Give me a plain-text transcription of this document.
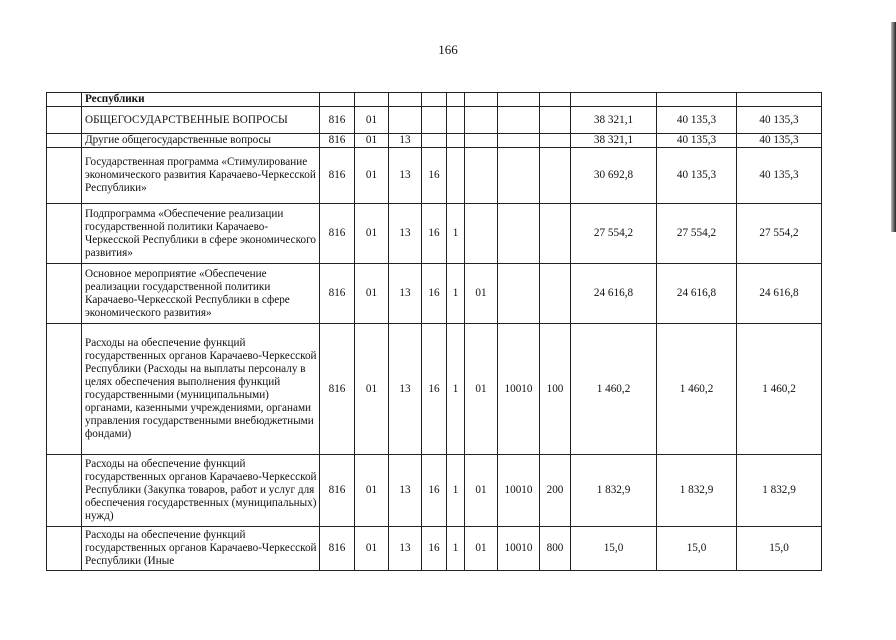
166
	Республики											
	ОБЩЕГОСУДАРСТВЕННЫЕ ВОПРОСЫ	816	01							38 321,1	40 135,3	40 135,3
	Другие общегосударственные вопросы	816	01	13						38 321,1	40 135,3	40 135,3
	Государственная программа «Стимулирование экономического развития Карачаево-Черкесской Республики»	816	01	13	16					30 692,8	40 135,3	40 135,3
	Подпрограмма «Обеспечение реализации государственной политики Карачаево-Черкесской Республики в сфере экономического развития»	816	01	13	16	1				27 554,2	27 554,2	27 554,2
	Основное мероприятие «Обеспечение реализации государственной политики Карачаево-Черкесской Республики в сфере экономического развития»	816	01	13	16	1	01			24 616,8	24 616,8	24 616,8
	Расходы на обеспечение функций государственных органов Карачаево-Черкесской Республики (Расходы на выплаты персоналу в целях обеспечения выполнения функций государственными (муниципальными) органами, казенными учреждениями, органами управления государственными внебюджетными фондами)	816	01	13	16	1	01	10010	100	1 460,2	1 460,2	1 460,2
	Расходы на обеспечение функций государственных органов Карачаево-Черкесской Республики (Закупка товаров, работ и услуг для обеспечения государственных (муниципальных) нужд)	816	01	13	16	1	01	10010	200	1 832,9	1 832,9	1 832,9
	Расходы на обеспечение функций государственных органов Карачаево-Черкесской Республики (Иные	816	01	13	16	1	01	10010	800	15,0	15,0	15,0
